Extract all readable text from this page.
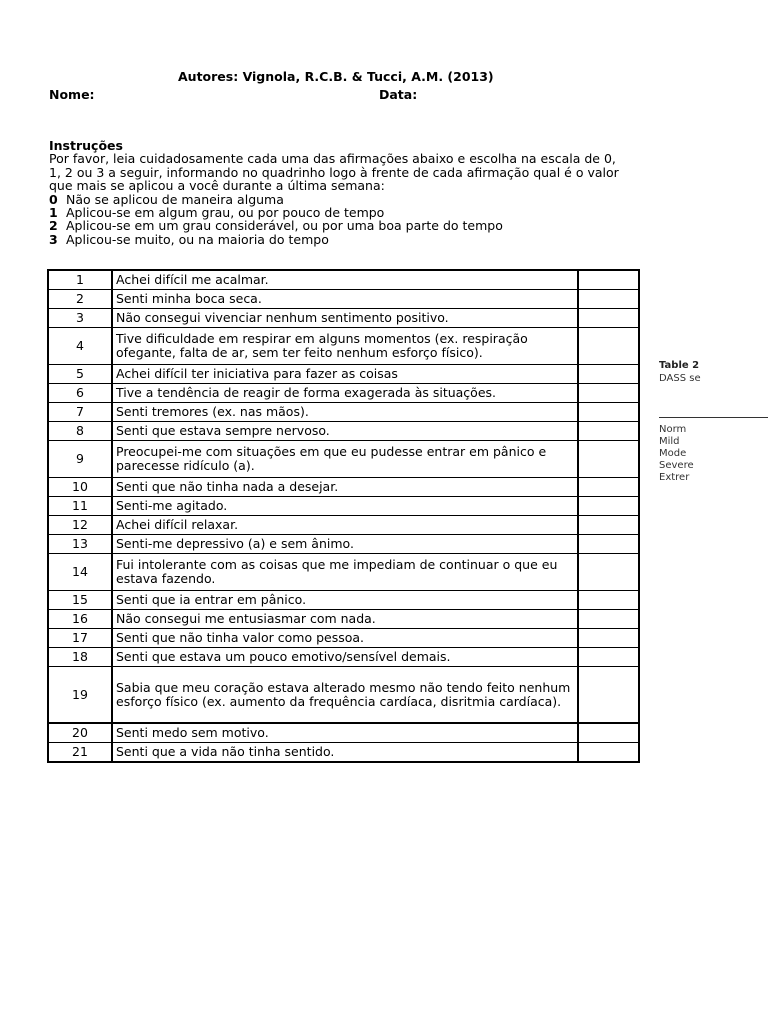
Autores: Vignola, R.C.B. & Tucci, A.M. (2013)
Nome:	Data:
Instruções
Por favor, leia cuidadosamente cada uma das afirmações abaixo e escolha na escala de 0,
1, 2 ou 3 a seguir, informando no quadrinho logo à frente de cada afirmação qual é o valor
que mais se aplicou a você durante a última semana:
0 Não se aplicou de maneira alguma
1 Aplicou-se em algum grau, ou por pouco de tempo
2 Aplicou-se em um grau considerável, ou por uma boa parte do tempo
3 Aplicou-se muito, ou na maioria do tempo
1	Achei difícil me acalmar.	
2	Senti minha boca seca.	
3	Não consegui vivenciar nenhum sentimento positivo.	
4	Tive dificuldade em respirar em alguns momentos (ex. respiração ofegante, falta de ar, sem ter feito nenhum esforço físico).	
5	Achei difícil ter iniciativa para fazer as coisas	
6	Tive a tendência de reagir de forma exagerada às situações.	
7	Senti tremores (ex. nas mãos).	
8	Senti que estava sempre nervoso.	
9	Preocupei-me com situações em que eu pudesse entrar em pânico e parecesse ridículo (a).	
10	Senti que não tinha nada a desejar.	
11	Senti-me agitado.	
12	Achei difícil relaxar.	
13	Senti-me depressivo (a) e sem ânimo.	
14	Fui intolerante com as coisas que me impediam de continuar o que eu estava fazendo.	
15	Senti que ia entrar em pânico.	
16	Não consegui me entusiasmar com nada.	
17	Senti que não tinha valor como pessoa.	
18	Senti que estava um pouco emotivo/sensível demais.	
19	Sabia que meu coração estava alterado mesmo não tendo feito nenhum esforço físico (ex. aumento da frequência cardíaca, disritmia cardíaca).	
20	Senti medo sem motivo.	
21	Senti que a vida não tinha sentido.	
Table 2
DASS se
Norm
Mild
Mode
Severe
Extrer
